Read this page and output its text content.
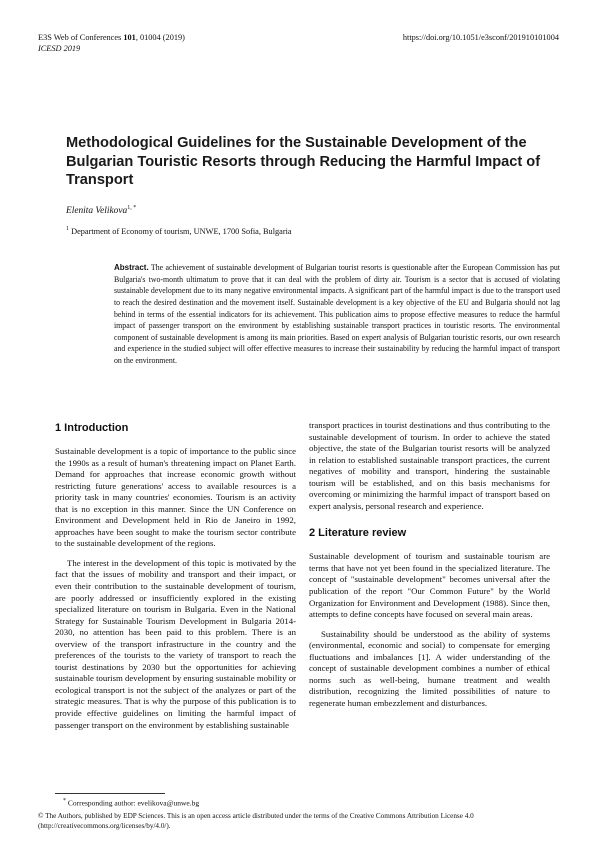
E3S Web of Conferences 101, 01004 (2019)
ICESD 2019
https://doi.org/10.1051/e3sconf/201910101004
Methodological Guidelines for the Sustainable Development of the Bulgarian Touristic Resorts through Reducing the Harmful Impact of Transport
Elenita Velikova$^{1, *}$
$^1$ Department of Economy of tourism, UNWE, 1700 Sofia, Bulgaria
Abstract. The achievement of sustainable development of Bulgarian tourist resorts is questionable after the European Commission has put Bulgaria's two-month ultimatum to prove that it can deal with the problem of dirty air. Tourism is a sector that is accused of violating sustainable development due to its many negative environmental impacts. A significant part of the harmful impact is due to the transport used to reach the desired destination and the movement itself. Sustainable development is a key objective of the EU and Bulgaria should not lag behind in terms of the essential indicators for its achievement. This publication aims to propose effective measures to reduce the harmful impact of passenger transport on the environment by establishing sustainable transport practices in touristic resorts. The environmental component of sustainable development is among its main priorities. Based on expert analysis of Bulgarian touristic resorts, our own research and experience in the studied subject will offer effective measures to increase their sustainability by reducing the harmful impact of transport on the environment.
1 Introduction

Sustainable development is a topic of importance to the public since the 1990s as a result of human's threatening impact on Planet Earth. Demand for approaches that increase economic growth without restricting future generations' access to available resources is a priority task in many countries' economies. Tourism is an activity that is no exception in this manner. Since the UN Conference on Environment and Development held in Rio de Janeiro in 1992, approaches have been sought to make the tourism sector contribute to the sustainable development of the regions.

The interest in the development of this topic is motivated by the fact that the issues of mobility and transport and their impact, or even their contribution to the sustainable development of tourism, are poorly addressed or insufficiently explored in the existing specialized literature on tourism in Bulgaria. Even in the National Strategy for Sustainable Tourism Development in Bulgaria 2014-2030, no attention has been paid to this problem. There is an overview of the transport infrastructure in the country and the preferences of the tourists to the variety of transport to reach the tourist destinations by 2030 but the opportunities for achieving sustainable tourism development by ensuring sustainable mobility or ecological transport is not the subject of the analyzes or part of the strategic measures. That is why the purpose of this publication is to provide effective guidelines on limiting the harmful impact of passenger transport on the environment by establishing sustainable

transport practices in tourist destinations and thus contributing to the sustainable development of tourism. In order to achieve the stated objective, the state of the Bulgarian tourist resorts will be analyzed in relation to established sustainable transport practices, the current negatives of mobility and transport, hindering the sustainable tourism will be established, and on this basis mechanisms for overcoming or minimizing the harmful impact of transport based on expert analysis, personal research and experience.

2 Literature review

Sustainable development of tourism and sustainable tourism are terms that have not yet been found in the specialized literature. The concept of "sustainable development" becomes universal after the publication of the report "Our Common Future" by the World Organization for Environment and Development (1988). Since then, attempts to define concepts have focused on several main areas.

Sustainability should be understood as the ability of systems (environmental, economic and social) to compensate for emerging fluctuations and imbalances [1]. A wider understanding of the concept of sustainable development combines a number of ethical norms such as well-being, humane treatment and wealth distribution, recognizing the limited possibilities of nature to regenerate human embezzlement and disturbances.

* Corresponding author: evelikova@unwe.bg
© The Authors, published by EDP Sciences. This is an open access article distributed under the terms of the Creative Commons Attribution License 4.0 (http://creativecommons.org/licenses/by/4.0/).
